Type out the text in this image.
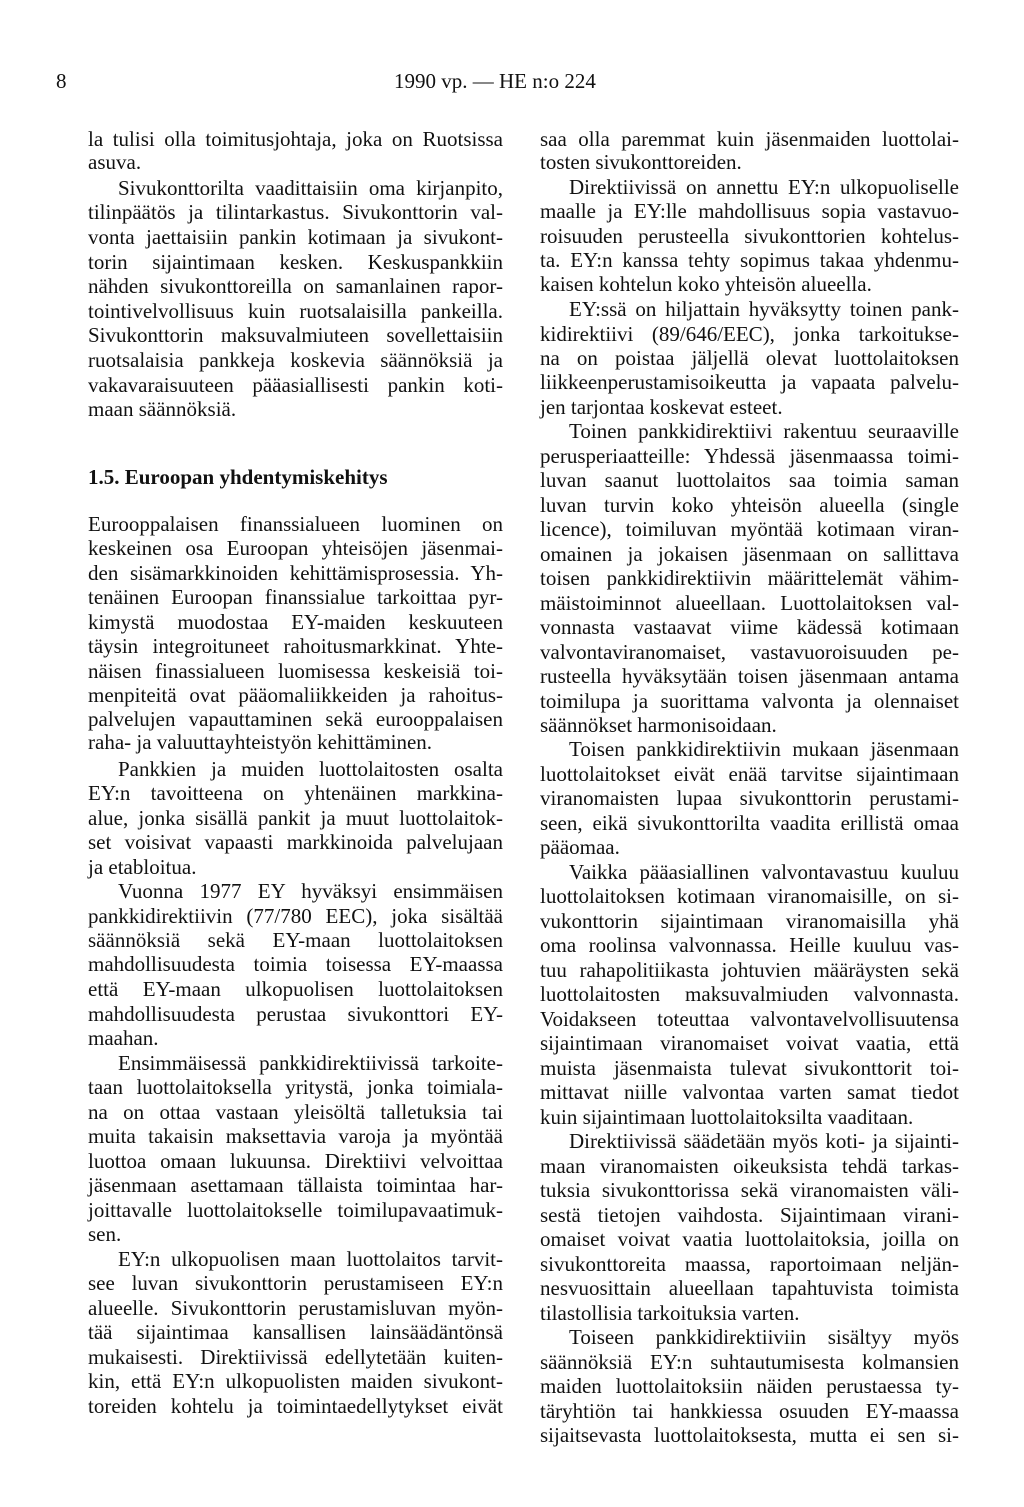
8	1990 vp. — HE n:o 224
la tulisi olla toimitusjohtaja, joka on Ruotsissa
asuva.
Sivukonttorilta vaadittaisiin oma kirjanpito,
tilinpäätös ja tilintarkastus. Sivukonttorin val-
vonta jaettaisiin pankin kotimaan ja sivukont-
torin sijaintimaan kesken. Keskuspankkiin
nähden sivukonttoreilla on samanlainen rapor-
tointivelvollisuus kuin ruotsalaisilla pankeilla.
Sivukonttorin maksuvalmiuteen sovellettaisiin
ruotsalaisia pankkeja koskevia säännöksiä ja
vakavaraisuuteen pääasiallisesti pankin koti-
maan säännöksiä.
1.5. Euroopan yhdentymiskehitys
Eurooppalaisen finanssialueen luominen on
keskeinen osa Euroopan yhteisöjen jäsenmai-
den sisämarkkinoiden kehittämisprosessia. Yh-
tenäinen Euroopan finanssialue tarkoittaa pyr-
kimystä muodostaa EY-maiden keskuuteen
täysin integroituneet rahoitusmarkkinat. Yhte-
näisen finassialueen luomisessa keskeisiä toi-
menpiteitä ovat pääomaliikkeiden ja rahoitus-
palvelujen vapauttaminen sekä eurooppalaisen
raha- ja valuuttayhteistyön kehittäminen.
Pankkien ja muiden luottolaitosten osalta
EY:n tavoitteena on yhtenäinen markkina-
alue, jonka sisällä pankit ja muut luottolaitok-
set voisivat vapaasti markkinoida palvelujaan
ja etabloitua.
Vuonna 1977 EY hyväksyi ensimmäisen
pankkidirektiivin (77/780 EEC), joka sisältää
säännöksiä sekä EY-maan luottolaitoksen
mahdollisuudesta toimia toisessa EY-maassa
että EY-maan ulkopuolisen luottolaitoksen
mahdollisuudesta perustaa sivukonttori EY-
maahan.
Ensimmäisessä pankkidirektiivissä tarkoite-
taan luottolaitoksella yritystä, jonka toimiala-
na on ottaa vastaan yleisöltä talletuksia tai
muita takaisin maksettavia varoja ja myöntää
luottoa omaan lukuunsa. Direktiivi velvoittaa
jäsenmaan asettamaan tällaista toimintaa har-
joittavalle luottolaitokselle toimilupavaatimuk-
sen.
EY:n ulkopuolisen maan luottolaitos tarvit-
see luvan sivukonttorin perustamiseen EY:n
alueelle. Sivukonttorin perustamisluvan myön-
tää sijaintimaa kansallisen lainsäädäntönsä
mukaisesti. Direktiivissä edellytetään kuiten-
kin, että EY:n ulkopuolisten maiden sivukont-
toreiden kohtelu ja toimintaedellytykset eivät
saa olla paremmat kuin jäsenmaiden luottolai-
tosten sivukonttoreiden.
Direktiivissä on annettu EY:n ulkopuoliselle
maalle ja EY:lle mahdollisuus sopia vastavuo-
roisuuden perusteella sivukonttorien kohtelus-
ta. EY:n kanssa tehty sopimus takaa yhdenmu-
kaisen kohtelun koko yhteisön alueella.
EY:ssä on hiljattain hyväksytty toinen pank-
kidirektiivi (89/646/EEC), jonka tarkoitukse-
na on poistaa jäljellä olevat luottolaitoksen
liikkeenperustamisoikeutta ja vapaata palvelu-
jen tarjontaa koskevat esteet.
Toinen pankkidirektiivi rakentuu seuraaville
perusperiaatteille: Yhdessä jäsenmaassa toimi-
luvan saanut luottolaitos saa toimia saman
luvan turvin koko yhteisön alueella (single
licence), toimiluvan myöntää kotimaan viran-
omainen ja jokaisen jäsenmaan on sallittava
toisen pankkidirektiivin määrittelemät vähim-
mäistoiminnot alueellaan. Luottolaitoksen val-
vonnasta vastaavat viime kädessä kotimaan
valvontaviranomaiset, vastavuoroisuuden pe-
rusteella hyväksytään toisen jäsenmaan antama
toimilupa ja suorittama valvonta ja olennaiset
säännökset harmonisoidaan.
Toisen pankkidirektiivin mukaan jäsenmaan
luottolaitokset eivät enää tarvitse sijaintimaan
viranomaisten lupaa sivukonttorin perustami-
seen, eikä sivukonttorilta vaadita erillistä omaa
pääomaa.
Vaikka pääasiallinen valvontavastuu kuuluu
luottolaitoksen kotimaan viranomaisille, on si-
vukonttorin sijaintimaan viranomaisilla yhä
oma roolinsa valvonnassa. Heille kuuluu vas-
tuu rahapolitiikasta johtuvien määräysten sekä
luottolaitosten maksuvalmiuden valvonnasta.
Voidakseen toteuttaa valvontavelvollisuutensa
sijaintimaan viranomaiset voivat vaatia, että
muista jäsenmaista tulevat sivukonttorit toi-
mittavat niille valvontaa varten samat tiedot
kuin sijaintimaan luottolaitoksilta vaaditaan.
Direktiivissä säädetään myös koti- ja sijainti-
maan viranomaisten oikeuksista tehdä tarkas-
tuksia sivukonttorissa sekä viranomaisten väli-
sestä tietojen vaihdosta. Sijaintimaan virani-
omaiset voivat vaatia luottolaitoksia, joilla on
sivukonttoreita maassa, raportoimaan neljän-
nesvuosittain alueellaan tapahtuvista toimista
tilastollisia tarkoituksia varten.
Toiseen pankkidirektiiviin sisältyy myös
säännöksiä EY:n suhtautumisesta kolmansien
maiden luottolaitoksiin näiden perustaessa ty-
täryhtiön tai hankkiessa osuuden EY-maassa
sijaitsevasta luottolaitoksesta, mutta ei sen si-
